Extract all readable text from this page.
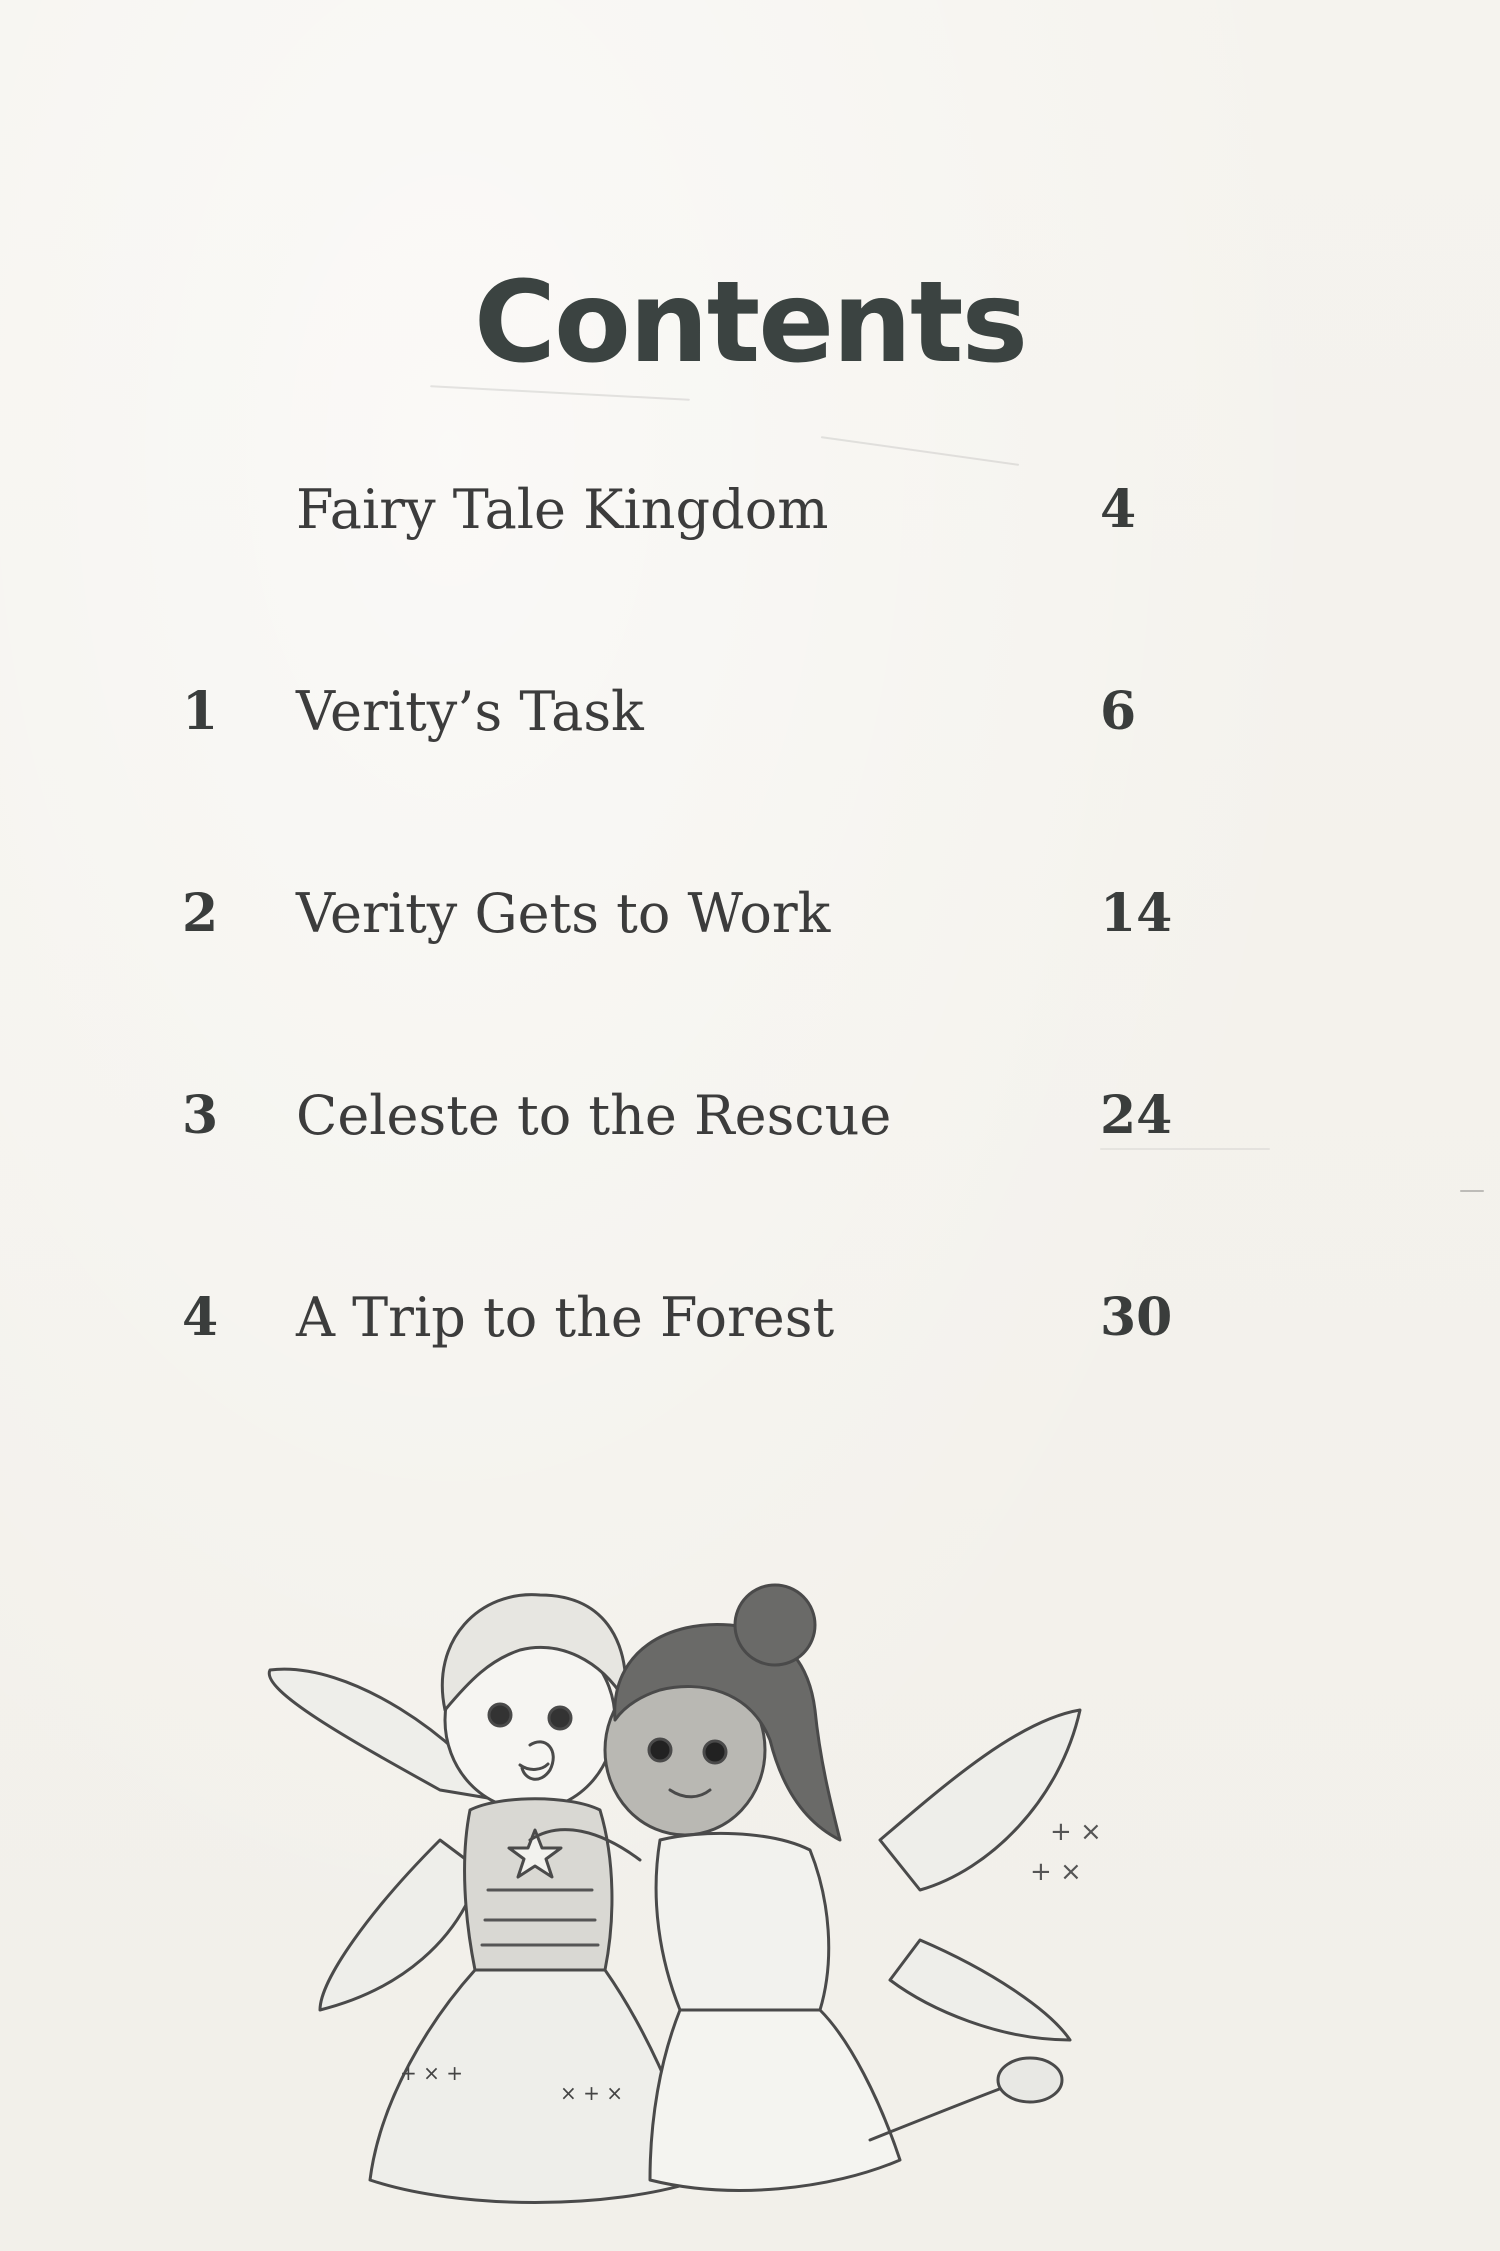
Contents
Fairy Tale Kingdom	4
1	Verity’s Task	6
2	Verity Gets to Work	14
3	Celeste to the Rescue	24
4	A Trip to the Forest	30
+ × +
× + ×
+ ×
+ ×
